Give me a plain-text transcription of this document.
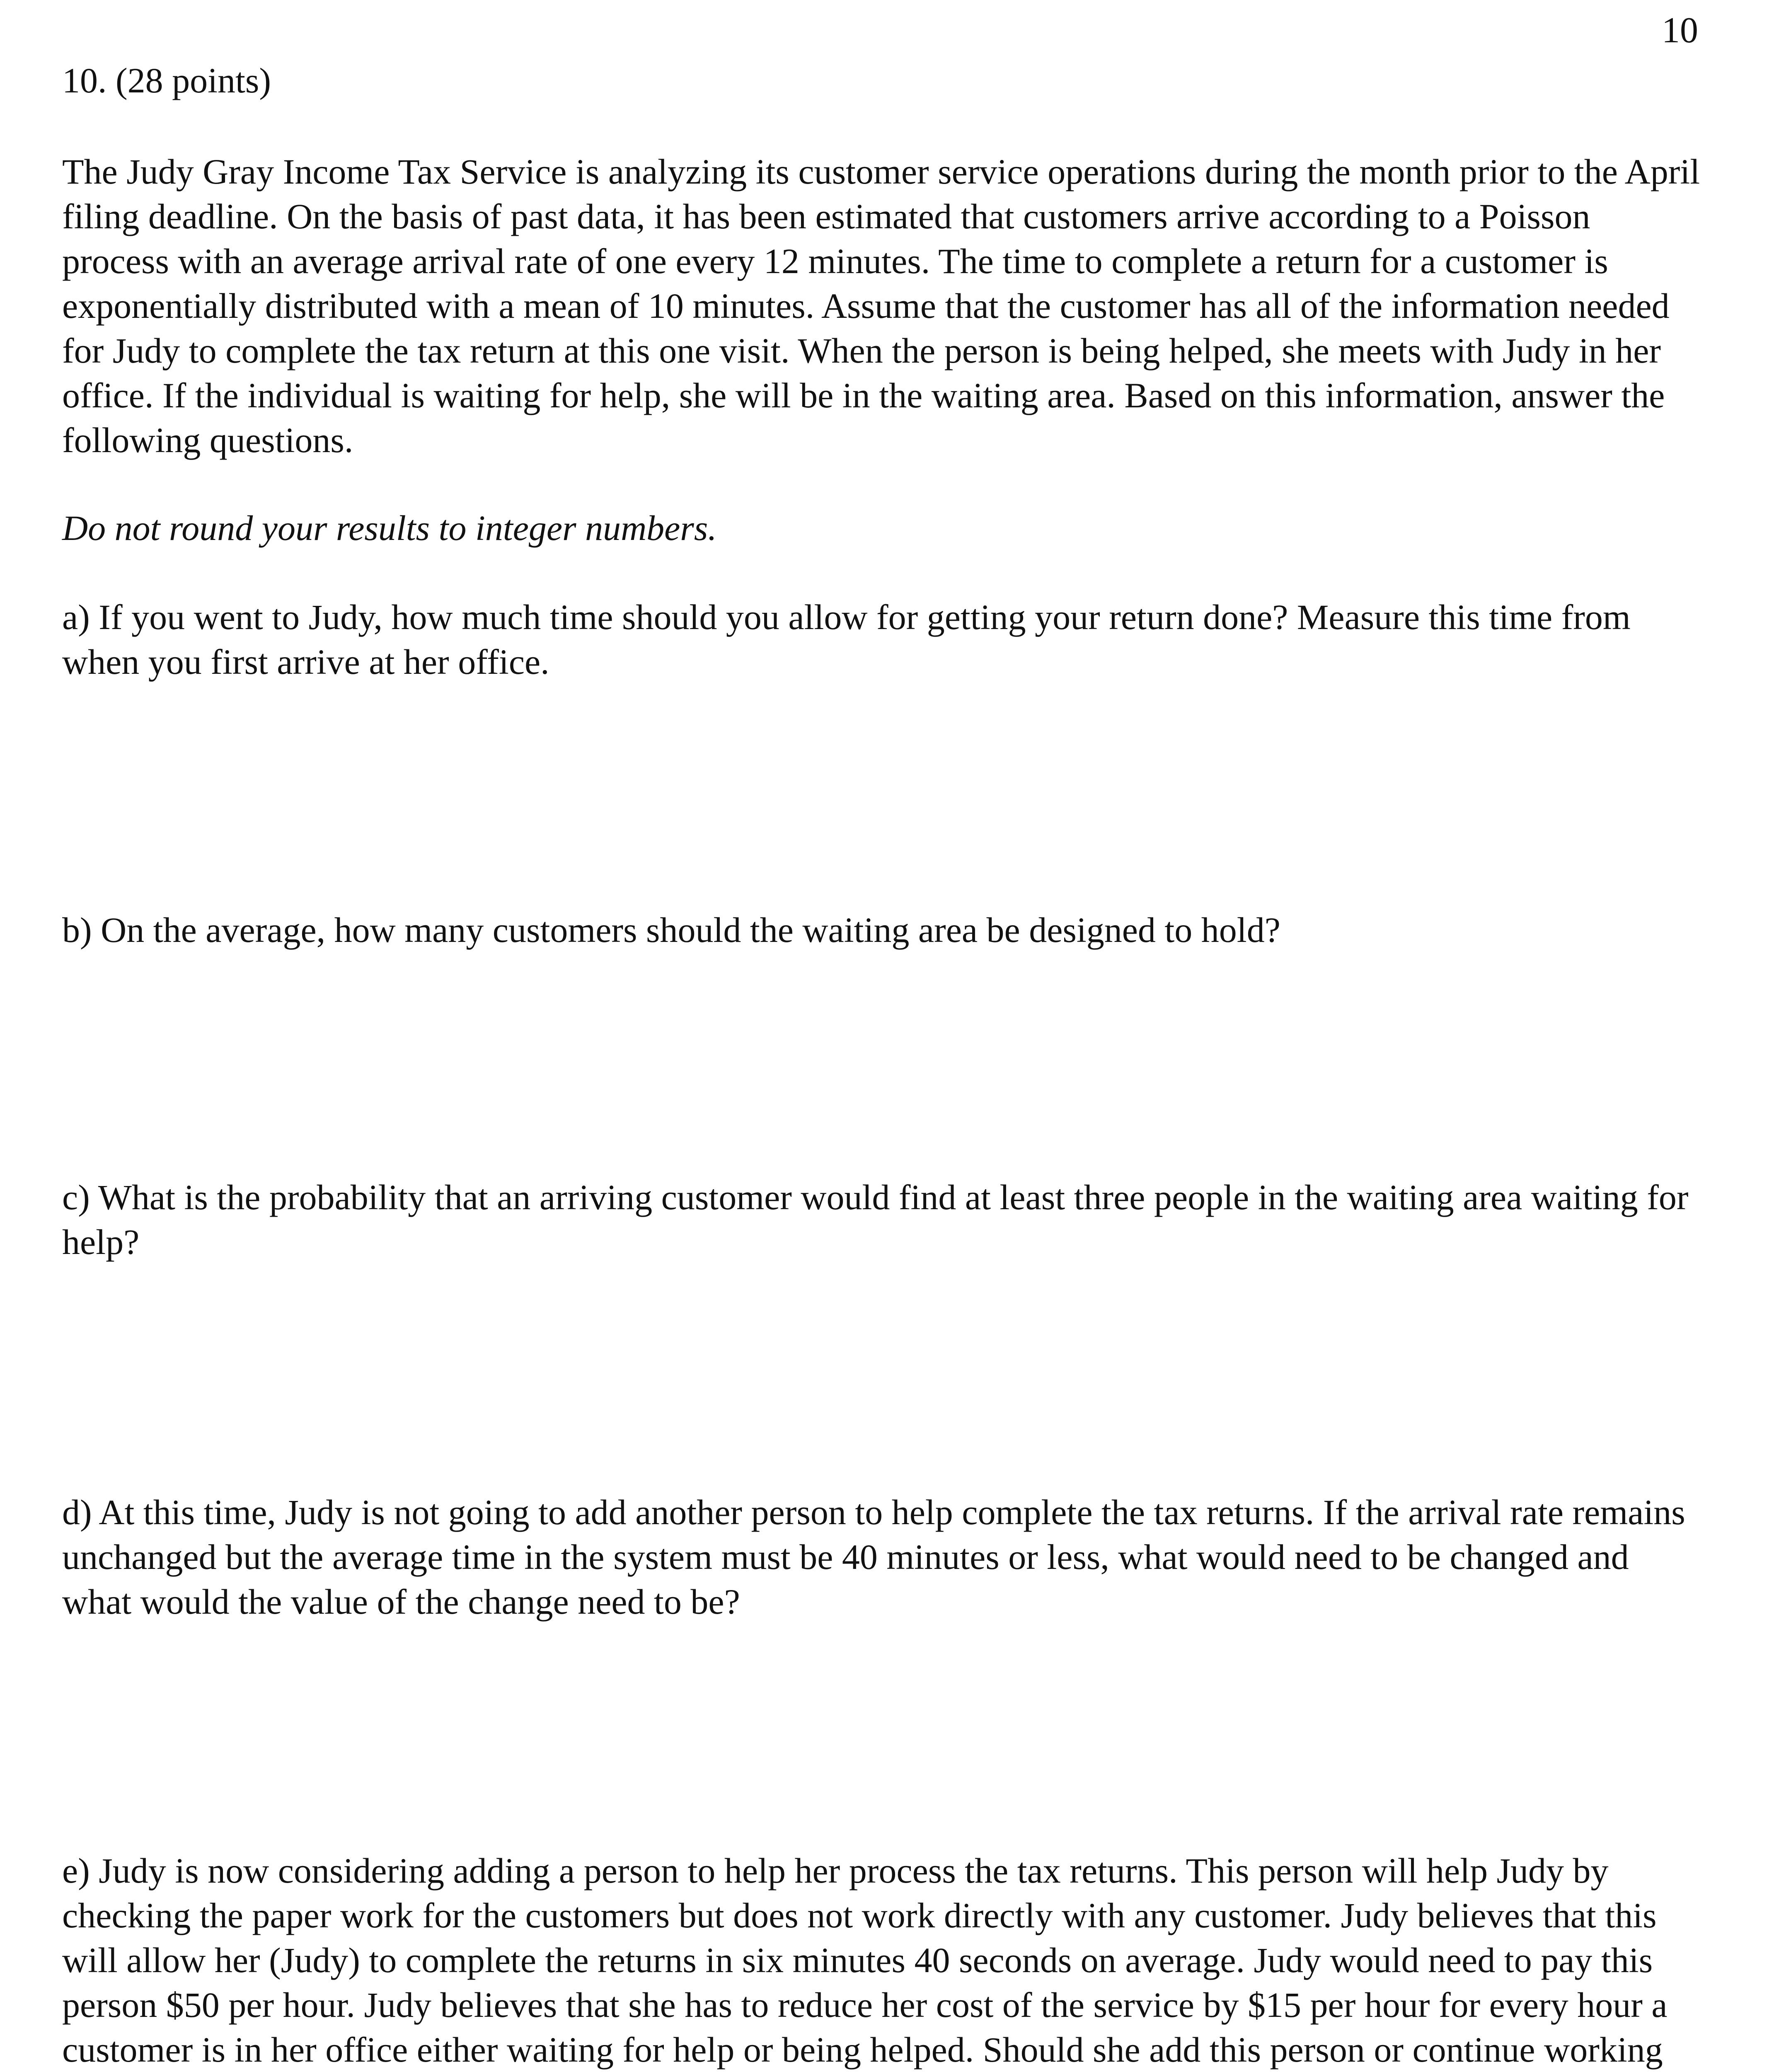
10

10. (28 points)

The Judy Gray Income Tax Service is analyzing its customer service operations during the month prior to the April filing deadline. On the basis of past data, it has been estimated that customers arrive according to a Poisson process with an average arrival rate of one every 12 minutes. The time to complete a return for a customer is exponentially distributed with a mean of 10 minutes. Assume that the customer has all of the information needed for Judy to complete the tax return at this one visit. When the person is being helped, she meets with Judy in her office. If the individual is waiting for help, she will be in the waiting area. Based on this information, answer the following questions.

Do not round your results to integer numbers.

a) If you went to Judy, how much time should you allow for getting your return done? Measure this time from when you first arrive at her office.

b) On the average, how many customers should the waiting area be designed to hold?

c) What is the probability that an arriving customer would find at least three people in the waiting area waiting for help?

d) At this time, Judy is not going to add another person to help complete the tax returns. If the arrival rate remains unchanged but the average time in the system must be 40 minutes or less, what would need to be changed and what would the value of the change need to be?

e) Judy is now considering adding a person to help her process the tax returns. This person will help Judy by checking the paper work for the customers but does not work directly with any customer. Judy believes that this will allow her (Judy) to complete the returns in six minutes 40 seconds on average. Judy would need to pay this person $50 per hour. Judy believes that she has to reduce her cost of the service by $15 per hour for every hour a customer is in her office either waiting for help or being helped. Should she add this person or continue working
